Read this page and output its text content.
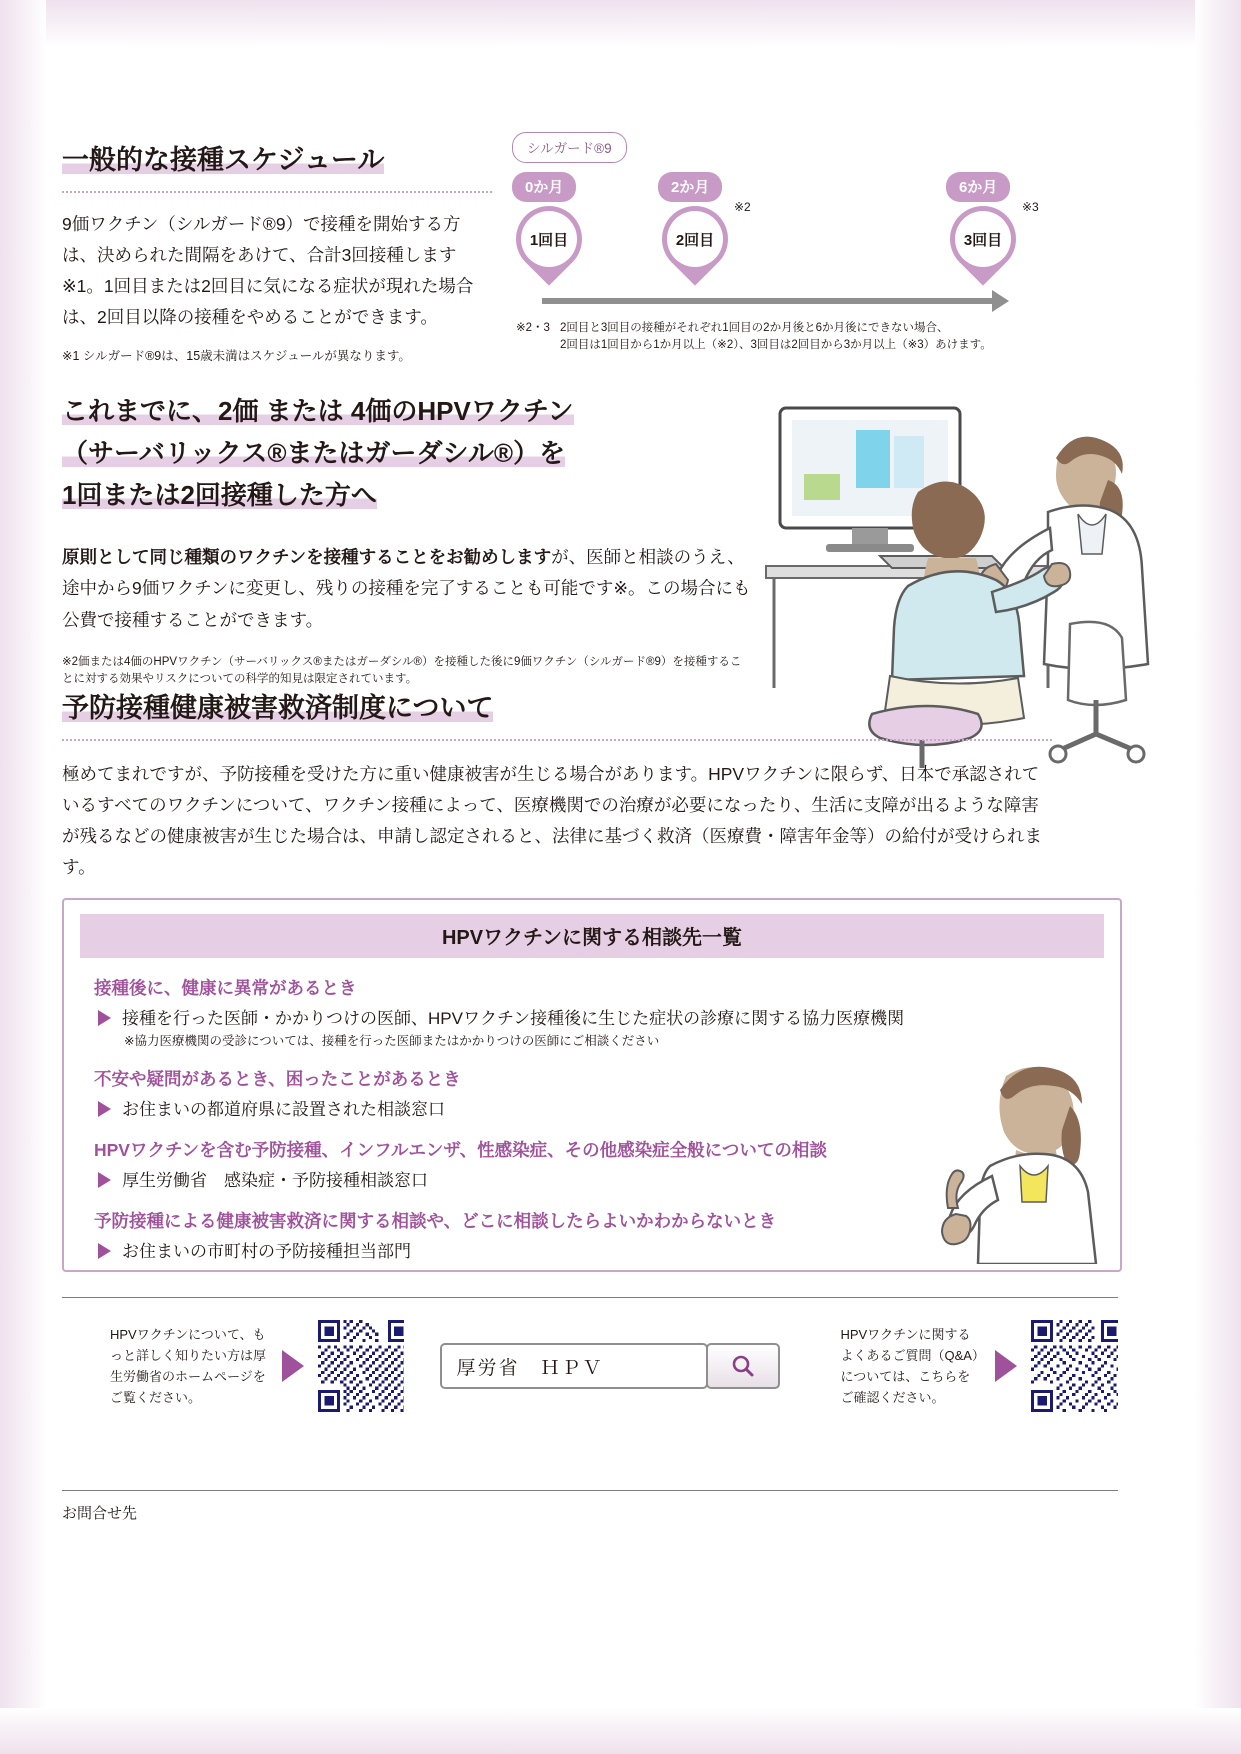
一般的な接種スケジュール
9価ワクチン（シルガード®9）で接種を開始する方は、決められた間隔をあけて、合計3回接種します※1。1回目または2回目に気になる症状が現れた場合は、2回目以降の接種をやめることができます。
※1 シルガード®9は、15歳未満はスケジュールが異なります。
シルガード®9
0か月
1回目
2か月
2回目
※2
6か月
3回目
※3
※2・3 2回目と3回目の接種がそれぞれ1回目の2か月後と6か月後にできない場合、
2回目は1回目から1か月以上（※2）、3回目は2回目から3か月以上（※3）あけます。
これまでに、2価 または 4価のHPVワクチン
（サーバリックス®またはガーダシル®）を
1回または2回接種した方へ
原則として同じ種類のワクチンを接種することをお勧めしますが、医師と相談のうえ、途中から9価ワクチンに変更し、残りの接種を完了することも可能です※。この場合にも公費で接種することができます。
※2価または4価のHPVワクチン（サーバリックス®またはガーダシル®）を接種した後に9価ワクチン（シルガード®9）を接種することに対する効果やリスクについての科学的知見は限定されています。
予防接種健康被害救済制度について
極めてまれですが、予防接種を受けた方に重い健康被害が生じる場合があります。HPVワクチンに限らず、日本で承認されているすべてのワクチンについて、ワクチン接種によって、医療機関での治療が必要になったり、生活に支障が出るような障害が残るなどの健康被害が生じた場合は、申請し認定されると、法律に基づく救済（医療費・障害年金等）の給付が受けられます。
HPVワクチンに関する相談先一覧
接種後に、健康に異常があるとき
接種を行った医師・かかりつけの医師、HPVワクチン接種後に生じた症状の診療に関する協力医療機関
※協力医療機関の受診については、接種を行った医師またはかかりつけの医師にご相談ください
不安や疑問があるとき、困ったことがあるとき
お住まいの都道府県に設置された相談窓口
HPVワクチンを含む予防接種、インフルエンザ、性感染症、その他感染症全般についての相談
厚生労働省　感染症・予防接種相談窓口
予防接種による健康被害救済に関する相談や、どこに相談したらよいかわからないとき
お住まいの市町村の予防接種担当部門
HPVワクチンについて、もっと詳しく知りたい方は厚生労働省のホームページをご覧ください。
厚労省　ＨＰＶ
HPVワクチンに関するよくあるご質問（Q&A）については、こちらをご確認ください。
お問合せ先
